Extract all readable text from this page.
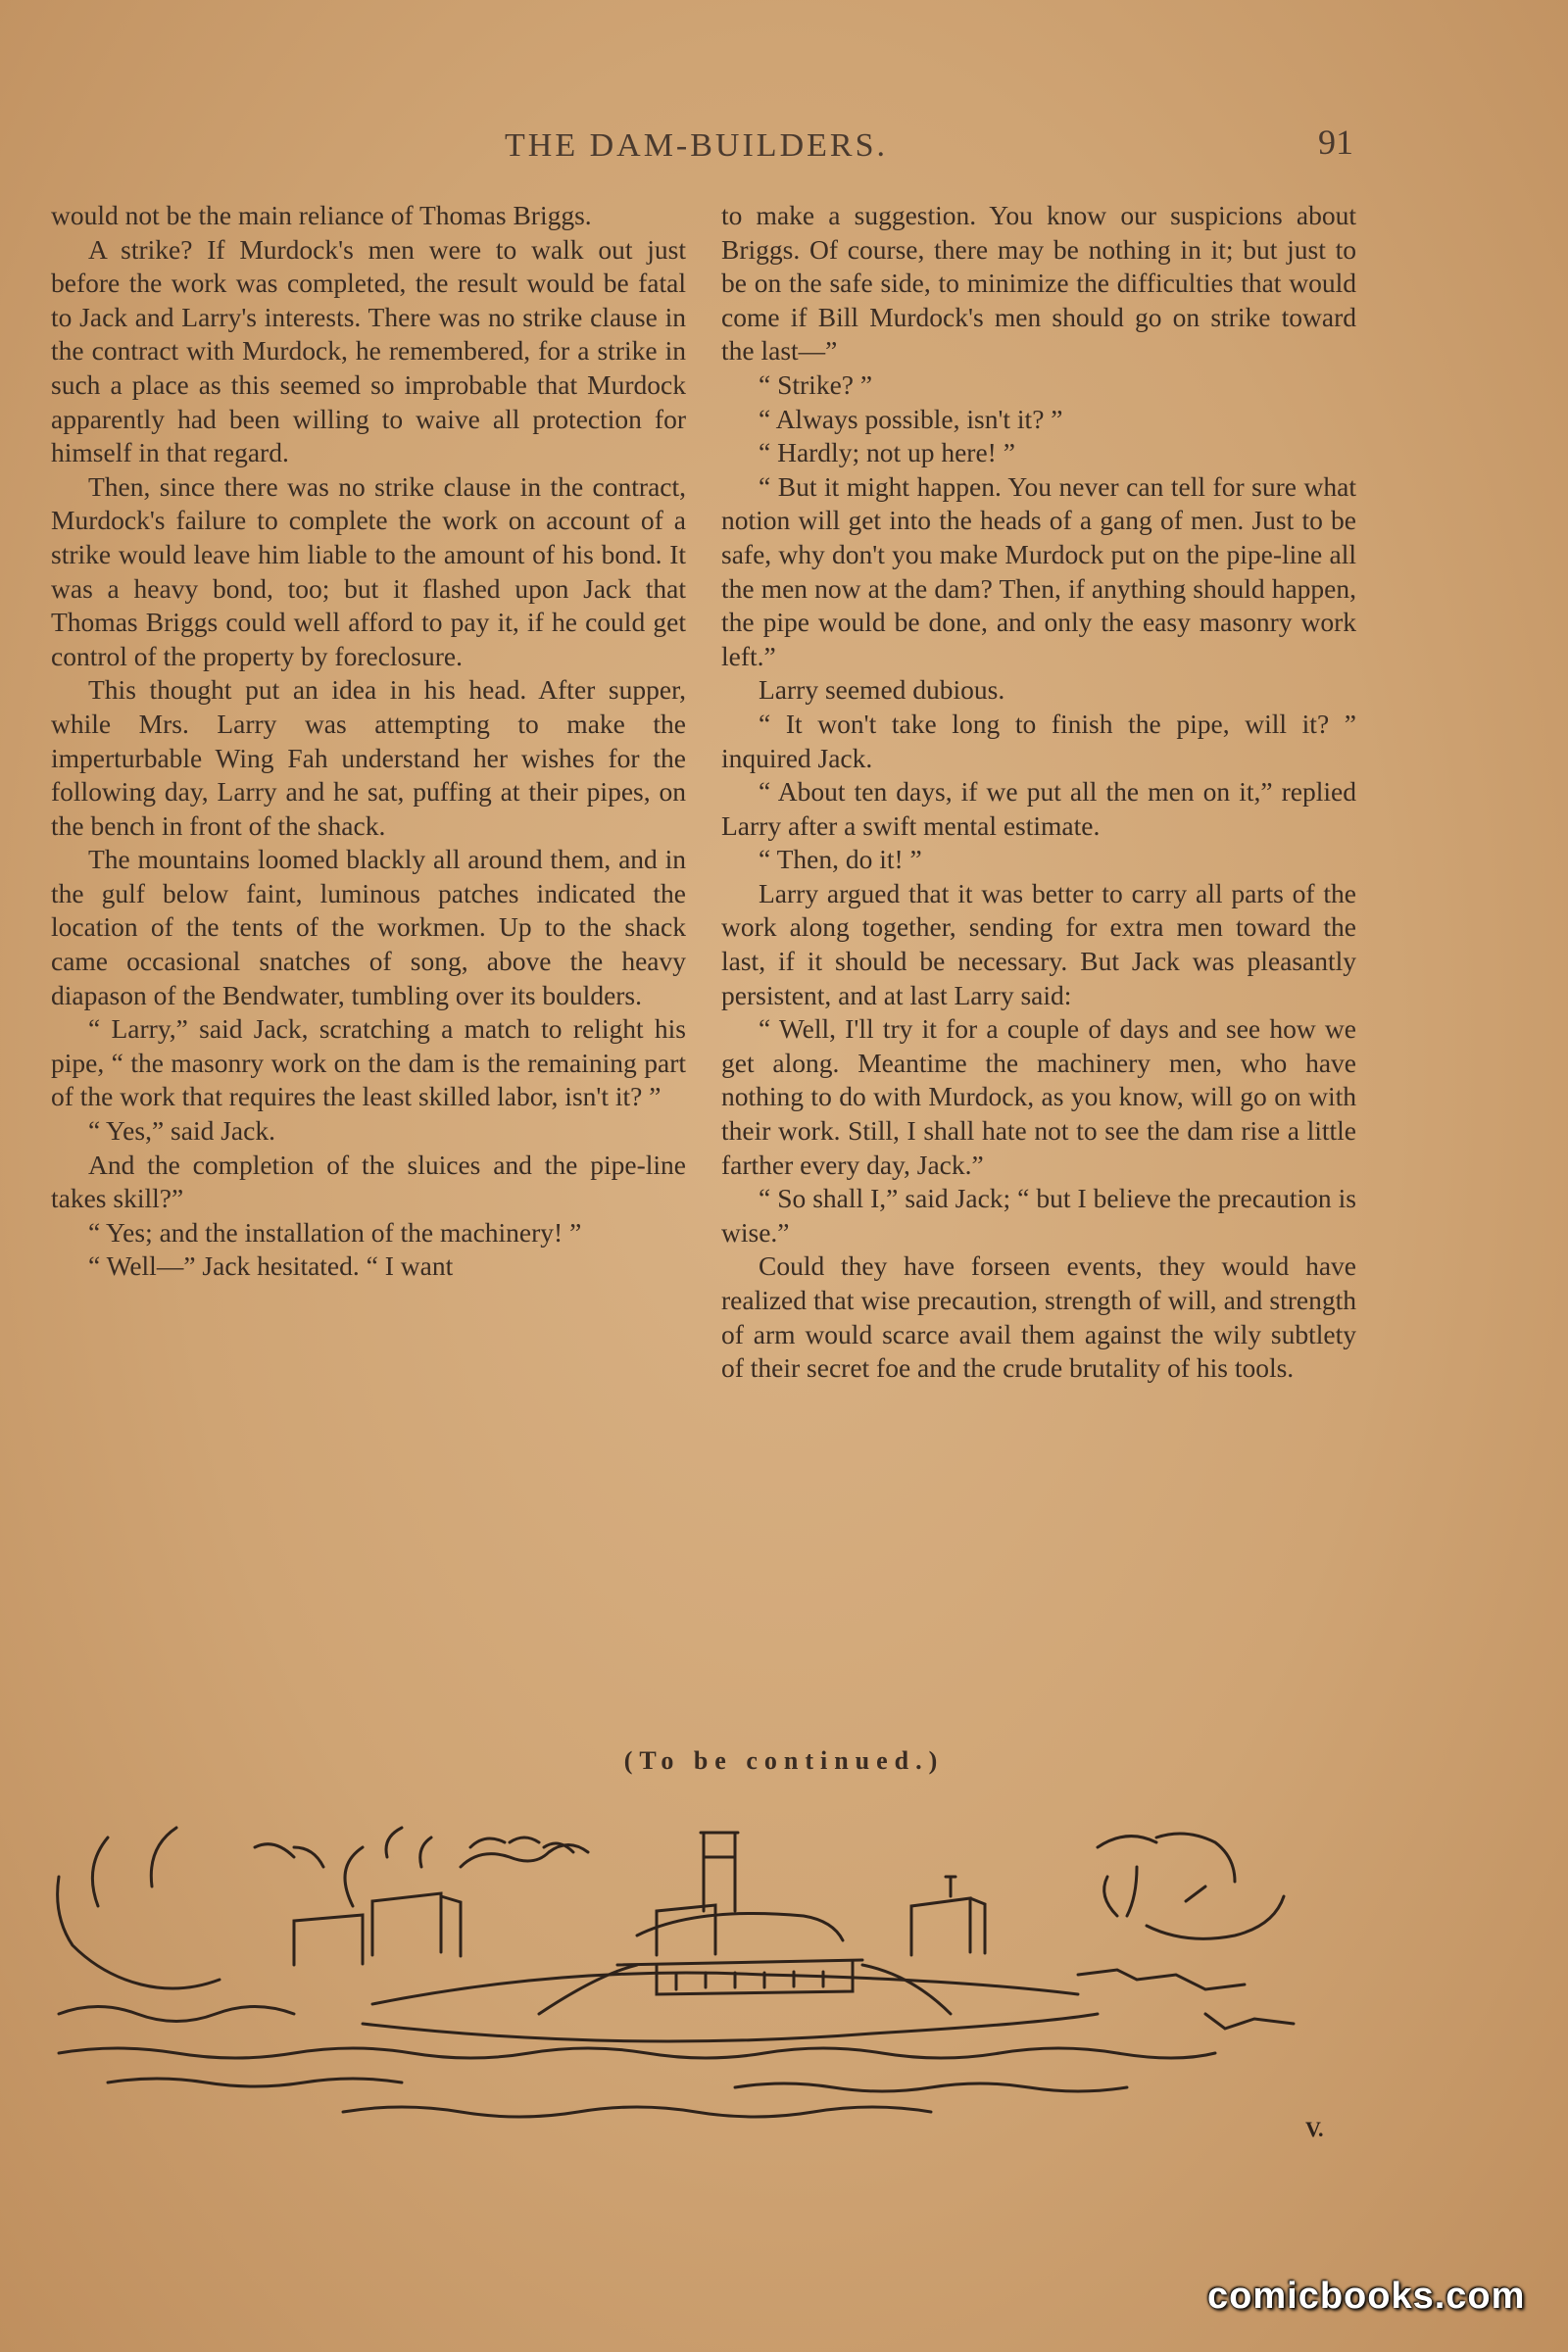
THE DAM-BUILDERS.	91

would not be the main reliance of Thomas Briggs.

A strike? If Murdock's men were to walk out just before the work was completed, the result would be fatal to Jack and Larry's interests. There was no strike clause in the contract with Murdock, he remembered, for a strike in such a place as this seemed so improbable that Murdock apparently had been willing to waive all protection for himself in that regard.

Then, since there was no strike clause in the contract, Murdock's failure to complete the work on account of a strike would leave him liable to the amount of his bond. It was a heavy bond, too; but it flashed upon Jack that Thomas Briggs could well afford to pay it, if he could get control of the property by foreclosure.

This thought put an idea in his head. After supper, while Mrs. Larry was attempting to make the imperturbable Wing Fah understand her wishes for the following day, Larry and he sat, puffing at their pipes, on the bench in front of the shack.

The mountains loomed blackly all around them, and in the gulf below faint, luminous patches indicated the location of the tents of the workmen. Up to the shack came occasional snatches of song, above the heavy diapason of the Bendwater, tumbling over its boulders.

“ Larry,” said Jack, scratching a match to relight his pipe, “ the masonry work on the dam is the remaining part of the work that requires the least skilled labor, isn't it? ”

“ Yes,” said Jack.

And the completion of the sluices and the pipe-line takes skill?”

“ Yes; and the installation of the machinery! ”

“ Well—” Jack hesitated. “ I want

to make a suggestion. You know our suspicions about Briggs. Of course, there may be nothing in it; but just to be on the safe side, to minimize the difficulties that would come if Bill Murdock's men should go on strike toward the last—”

“ Strike? ”

“ Always possible, isn't it? ”

“ Hardly; not up here! ”

“ But it might happen. You never can tell for sure what notion will get into the heads of a gang of men. Just to be safe, why don't you make Murdock put on the pipe-line all the men now at the dam? Then, if anything should happen, the pipe would be done, and only the easy masonry work left.”

Larry seemed dubious.

“ It won't take long to finish the pipe, will it? ” inquired Jack.

“ About ten days, if we put all the men on it,” replied Larry after a swift mental estimate.

“ Then, do it! ”

Larry argued that it was better to carry all parts of the work along together, sending for extra men toward the last, if it should be necessary. But Jack was pleasantly persistent, and at last Larry said:

“ Well, I'll try it for a couple of days and see how we get along. Meantime the machinery men, who have nothing to do with Murdock, as you know, will go on with their work. Still, I shall hate not to see the dam rise a little farther every day, Jack.”

“ So shall I,” said Jack; “ but I believe the precaution is wise.”

Could they have forseen events, they would have realized that wise precaution, strength of will, and strength of arm would scarce avail them against the wily subtlety of their secret foe and the crude brutality of his tools.

(To be continued.)
V.
comicbooks.com
